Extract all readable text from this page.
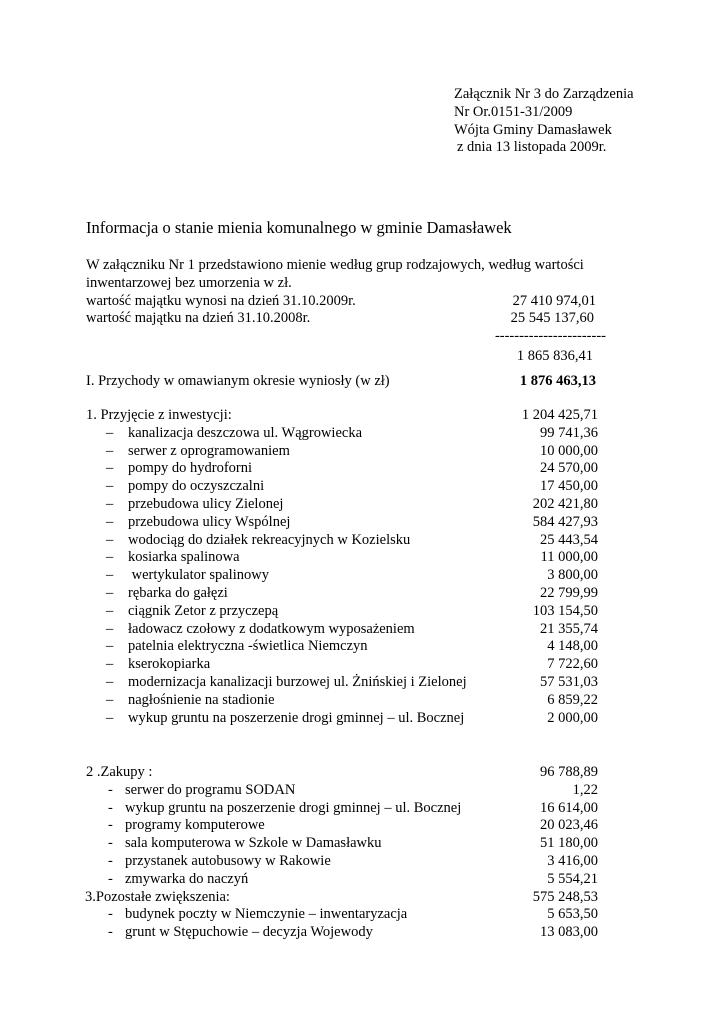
Załącznik Nr 3 do Zarządzenia
Nr Or.0151-31/2009
Wójta Gminy Damasławek
z dnia 13 listopada 2009r.
Informacja o stanie mienia komunalnego w gminie Damasławek
W załączniku Nr 1 przedstawiono mienie według grup rodzajowych, według wartości
inwentarzowej bez umorzenia w zł.
wartość majątku wynosi na dzień 31.10.2009r.	27 410 974,01
wartość majątku na dzień 31.10.2008r.	25 545 137,60
-----------------------
1 865 836,41
I. Przychody w omawianym okresie wyniosły (w zł)	1 876 463,13
1. Przyjęcie z inwestycji:	1 204 425,71
– kanalizacja deszczowa ul. Wągrowiecka	99 741,36
– serwer z oprogramowaniem	10 000,00
– pompy do hydroforni	24 570,00
– pompy do oczyszczalni	17 450,00
– przebudowa ulicy Zielonej	202 421,80
– przebudowa ulicy Wspólnej	584 427,93
– wodociąg do działek rekreacyjnych w Kozielsku	25 443,54
– kosiarka spalinowa	11 000,00
– wertykulator spalinowy	3 800,00
– rębarka do gałęzi	22 799,99
– ciągnik Zetor z przyczepą	103 154,50
– ładowacz czołowy z dodatkowym wyposażeniem	21 355,74
– patelnia elektryczna -świetlica Niemczyn	4 148,00
– kserokopiarka	7 722,60
– modernizacja kanalizacji burzowej ul. Żnińskiej i Zielonej	57 531,03
– nagłośnienie na stadionie	6 859,22
– wykup gruntu na poszerzenie drogi gminnej – ul. Bocznej	2 000,00
2 .Zakupy :	96 788,89
- serwer do programu SODAN	1,22
- wykup gruntu na poszerzenie drogi gminnej – ul. Bocznej	16 614,00
- programy komputerowe	20 023,46
- sala komputerowa w Szkole w Damasławku	51 180,00
- przystanek autobusowy w Rakowie	3 416,00
- zmywarka do naczyń	5 554,21
3.Pozostałe zwiększenia:	575 248,53
- budynek poczty w Niemczynie – inwentaryzacja	5 653,50
- grunt w Stępuchowie – decyzja Wojewody	13 083,00
